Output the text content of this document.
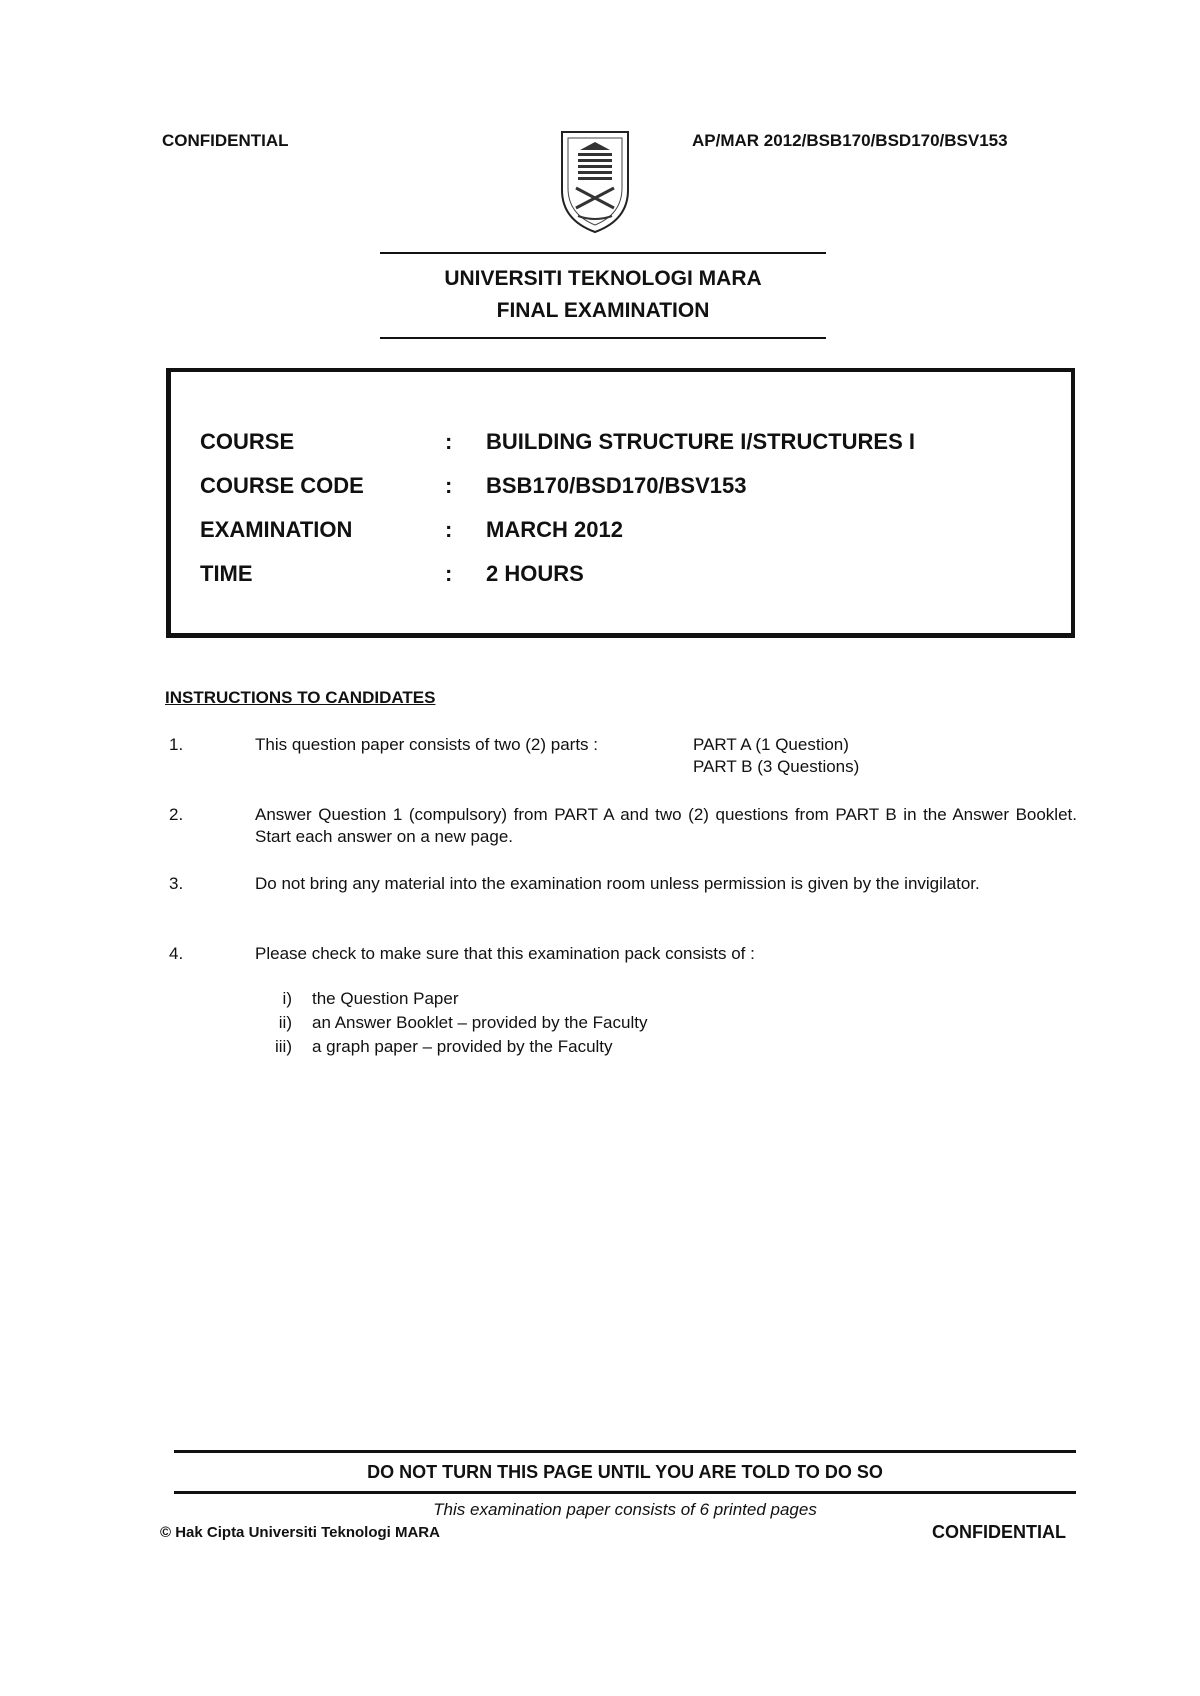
CONFIDENTIAL	AP/MAR 2012/BSB170/BSD170/BSV153
UNIVERSITI TEKNOLOGI MARA
FINAL EXAMINATION
COURSE	: BUILDING STRUCTURE I/STRUCTURES I
COURSE CODE	: BSB170/BSD170/BSV153
EXAMINATION	: MARCH 2012
TIME	: 2 HOURS
INSTRUCTIONS TO CANDIDATES
1.	This question paper consists of two (2) parts :	PART A (1 Question)
PART B (3 Questions)
2.	Answer Question 1 (compulsory) from PART A and two (2) questions from PART B in the Answer Booklet. Start each answer on a new page.
3.	Do not bring any material into the examination room unless permission is given by the invigilator.
4.	Please check to make sure that this examination pack consists of :
i) the Question Paper
ii) an Answer Booklet – provided by the Faculty
iii) a graph paper – provided by the Faculty
DO NOT TURN THIS PAGE UNTIL YOU ARE TOLD TO DO SO
This examination paper consists of 6 printed pages
© Hak Cipta Universiti Teknologi MARA	CONFIDENTIAL
